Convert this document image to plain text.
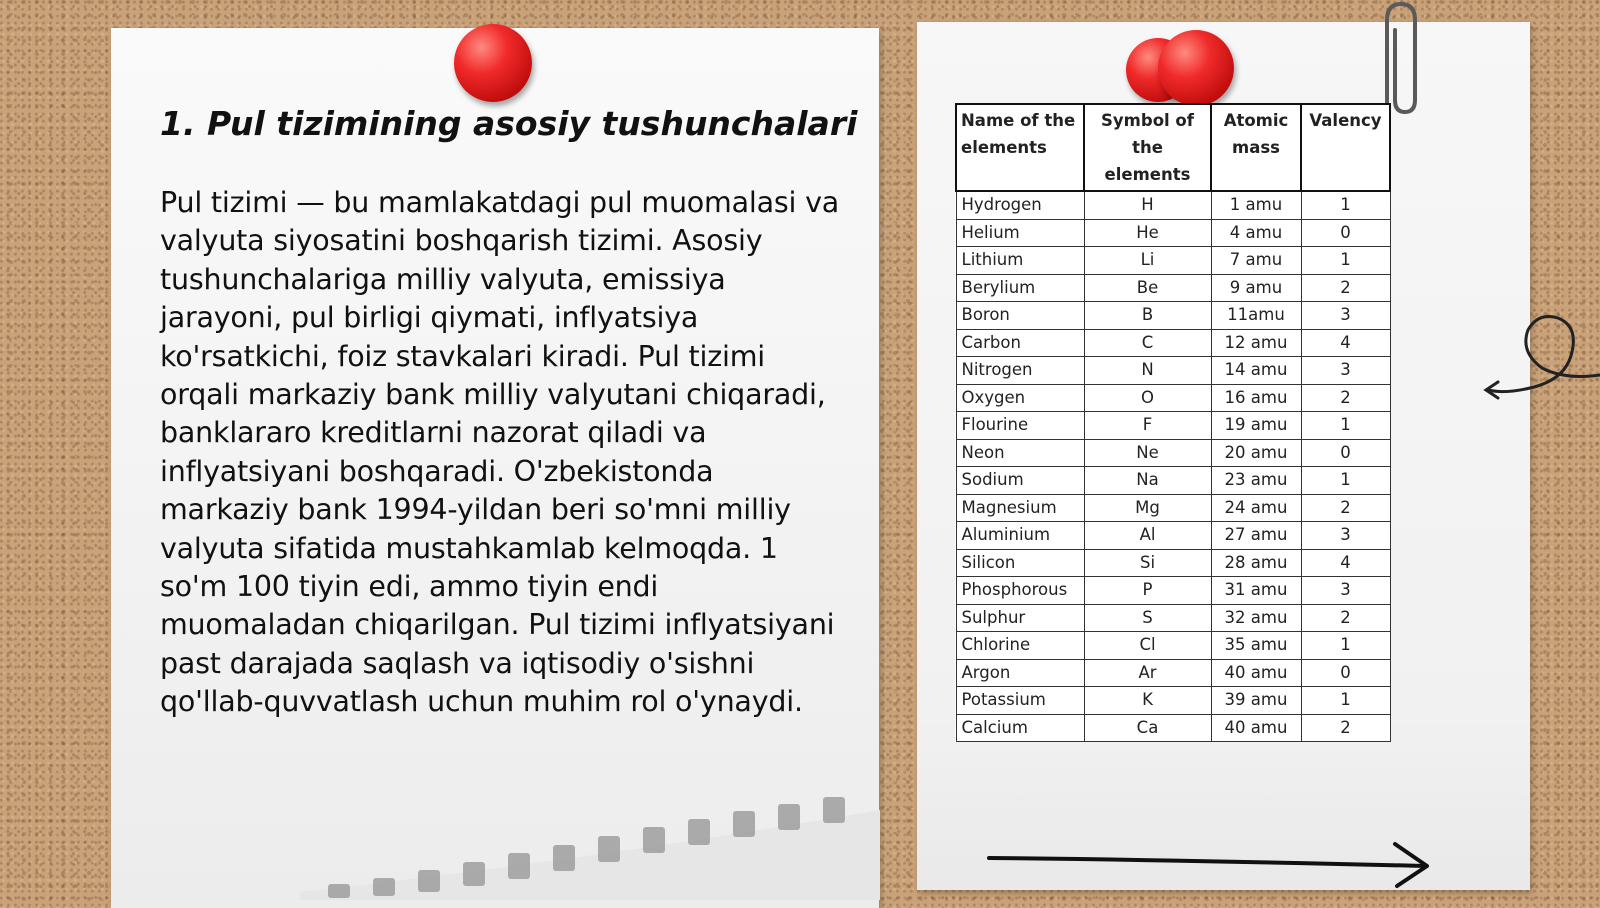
1. Pul tizimining asosiy tushunchalari

Pul tizimi — bu mamlakatdagi pul muomalasi va valyuta siyosatini boshqarish tizimi. Asosiy tushunchalariga milliy valyuta, emissiya jarayoni, pul birligi qiymati, inflyatsiya ko'rsatkichi, foiz stavkalari kiradi. Pul tizimi orqali markaziy bank milliy valyutani chiqaradi, banklararo kreditlarni nazorat qiladi va inflyatsiyani boshqaradi. O'zbekistonda markaziy bank 1994-yildan beri so'mni milliy valyuta sifatida mustahkamlab kelmoqda. 1 so'm 100 tiyin edi, ammo tiyin endi muomaladan chiqarilgan. Pul tizimi inflyatsiyani past darajada saqlash va iqtisodiy o'sishni qo'llab-quvvatlash uchun muhim rol o'ynaydi.

Name of the elements	Symbol of the elements	Atomic mass	Valency
Hydrogen	H	1 amu	1
Helium	He	4 amu	0
Lithium	Li	7 amu	1
Berylium	Be	9 amu	2
Boron	B	11amu	3
Carbon	C	12 amu	4
Nitrogen	N	14 amu	3
Oxygen	O	16 amu	2
Flourine	F	19 amu	1
Neon	Ne	20 amu	0
Sodium	Na	23 amu	1
Magnesium	Mg	24 amu	2
Aluminium	Al	27 amu	3
Silicon	Si	28 amu	4
Phosphorous	P	31 amu	3
Sulphur	S	32 amu	2
Chlorine	Cl	35 amu	1
Argon	Ar	40 amu	0
Potassium	K	39 amu	1
Calcium	Ca	40 amu	2
